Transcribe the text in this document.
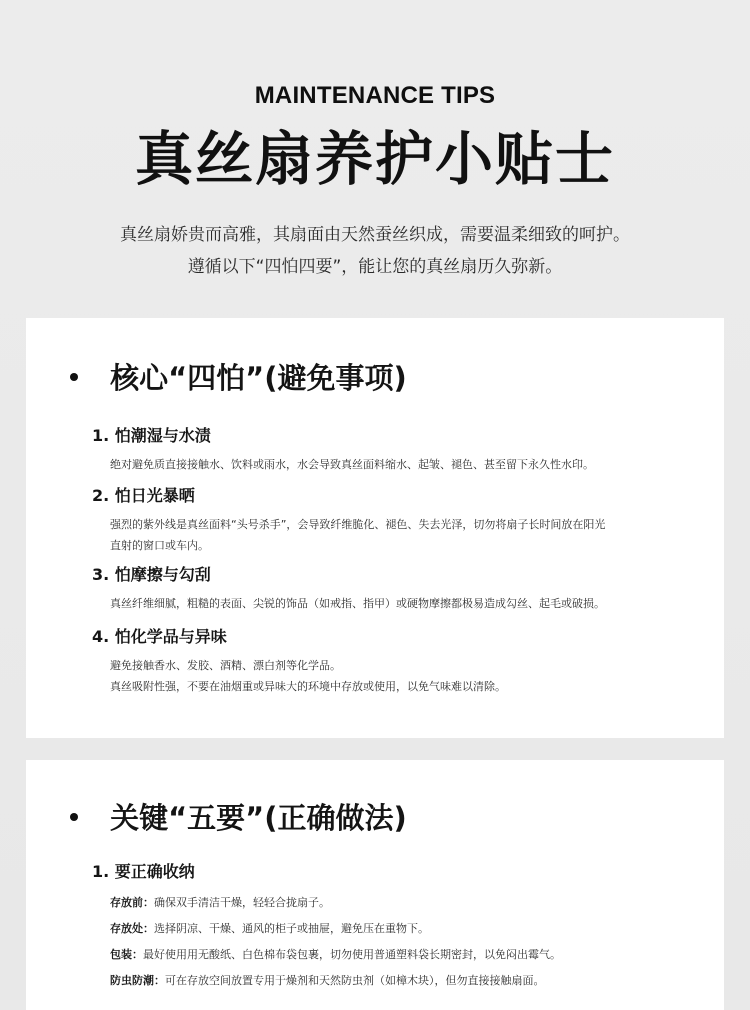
MAINTENANCE TIPS
真丝扇养护小贴士
真丝扇娇贵而高雅，其扇面由天然蚕丝织成，需要温柔细致的呵护。
遵循以下“四怕四要”，能让您的真丝扇历久弥新。
核心“四怕”(避免事项)
1. 怕潮湿与水渍

绝对避免质直接接触水、饮料或雨水，水会导致真丝面料缩水、起皱、褪色、甚至留下永久性水印。

2. 怕日光暴晒

强烈的紫外线是真丝面料“头号杀手”，会导致纤维脆化、褪色、失去光泽，切勿将扇子长时间放在阳光

直射的窗口或车内。

3. 怕摩擦与勾刮

真丝纤维细腻，粗糙的表面、尖锐的饰品（如戒指、指甲）或硬物摩擦都极易造成勾丝、起毛或破损。

4. 怕化学品与异味

避免接触香水、发胶、酒精、漂白剂等化学品。

真丝吸附性强，不要在油烟重或异味大的环境中存放或使用，以免气味难以清除。

关键“五要”(正确做法)
1. 要正确收纳

存放前：确保双手清洁干燥，轻轻合拢扇子。

存放处：选择阴凉、干燥、通风的柜子或抽屉，避免压在重物下。

包装：最好使用用无酸纸、白色棉布袋包裹，切勿使用普通塑料袋长期密封，以免闷出霉气。

防虫防潮：可在存放空间放置专用于燥剂和天然防虫剂（如樟木块），但勿直接接触扇面。
